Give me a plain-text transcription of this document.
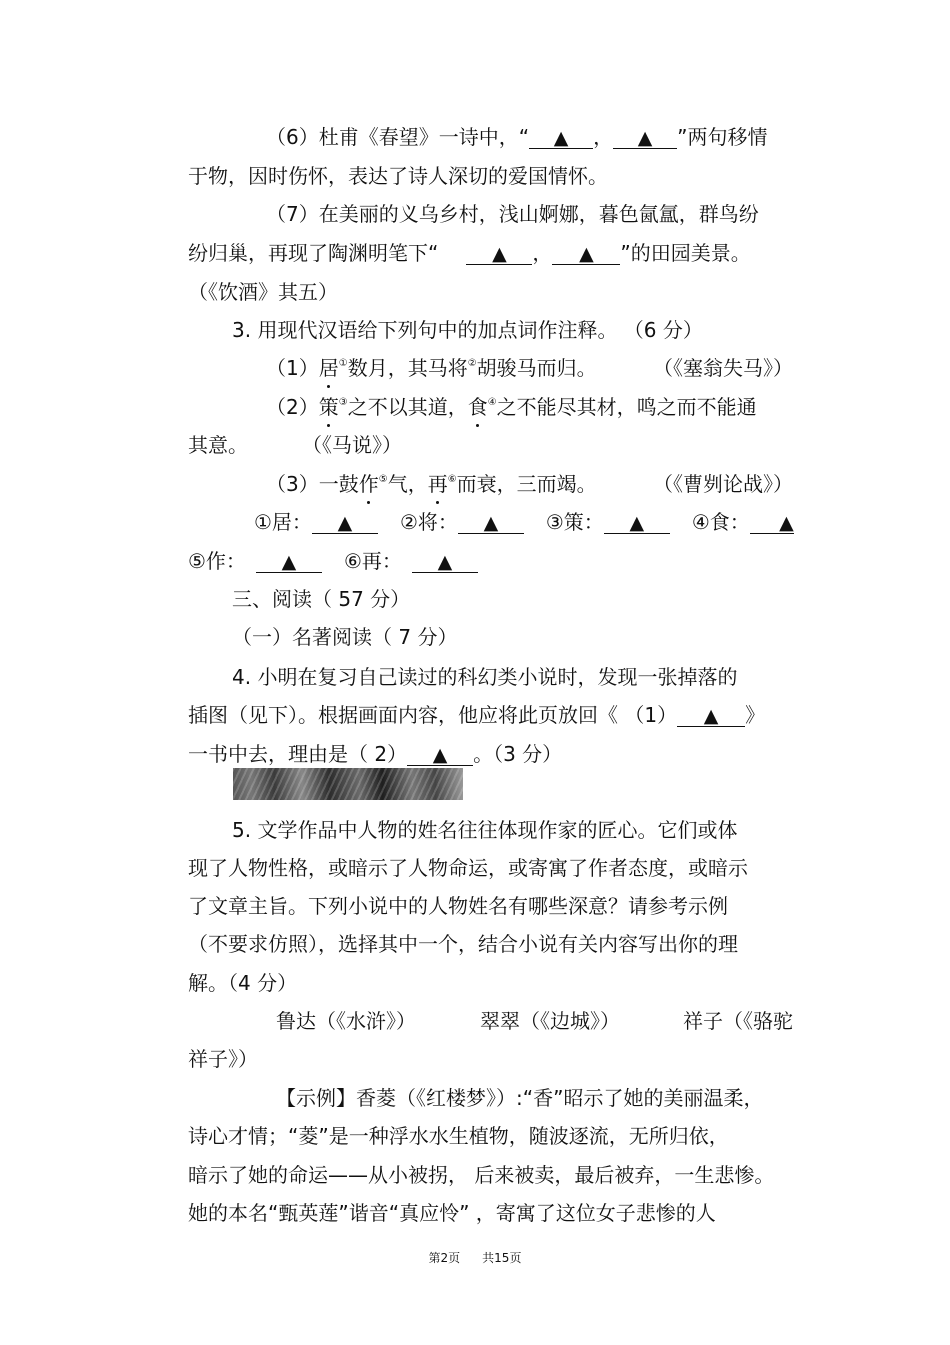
（6）杜甫《春望》一诗中，“ ▲ ， ▲ ”两句移情
于物，因时伤怀，表达了诗人深切的爱国情怀。
（7）在美丽的义乌乡村，浅山婀娜，暮色氤氲，群鸟纷
纷归巢，再现了陶渊明笔下“	▲ ， ▲ ”的田园美景。
（《饮酒》其五）
3. 用现代汉语给下列句中的加点词作注释。 （6 分）
（1）居①数月，其马将②胡骏马而归。	（《塞翁失马》）
（2）策③之不以其道，食④之不能尽其材，鸣之而不能通
其意。	（《马说》）
（3）一鼓作⑤气，再⑥而衰，三而竭。	（《曹刿论战》）
①居： ▲ ②将： ▲ ③策： ▲ ④食： ▲
⑤作： ▲ ⑥再： ▲
三、阅读（ 57 分）
（一）名著阅读（ 7 分）
4. 小明在复习自己读过的科幻类小说时，发现一张掉落的
插图（见下）。根据画面内容，他应将此页放回《 （1） ▲ 》
一书中去，理由是（ 2） ▲ 。（3 分）
5. 文学作品中人物的姓名往往体现作家的匠心。它们或体
现了人物性格，或暗示了人物命运，或寄寓了作者态度，或暗示
了文章主旨。下列小说中的人物姓名有哪些深意？请参考示例
（不要求仿照），选择其中一个，结合小说有关内容写出你的理
解。（4 分）
鲁达（《水浒》）	翠翠（《边城》）	祥子（《骆驼
祥子》）
【示例】香菱（《红楼梦》）:“香”昭示了她的美丽温柔，
诗心才情；“菱”是一种浮水水生植物，随波逐流，无所归依，
暗示了她的命运——从小被拐， 后来被卖，最后被弃，一生悲惨。
她的本名“甄英莲”谐音“真应怜” ，寄寓了这位女子悲惨的人
第2页 共15页
